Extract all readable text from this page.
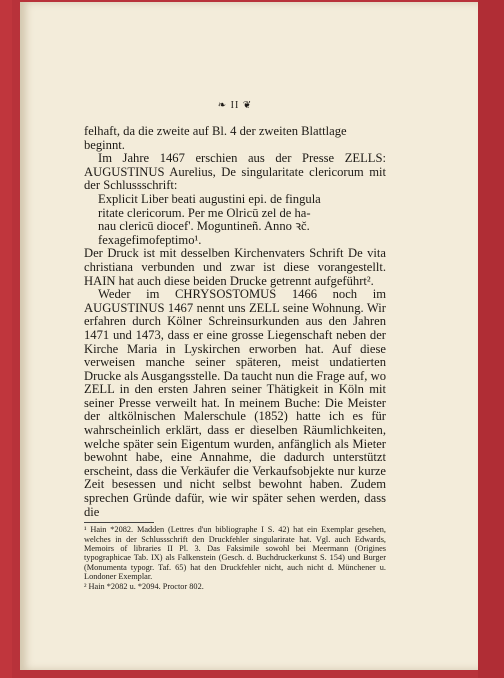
❧ II ❦

felhaft, da die zweite auf Bl. 4 der zweiten Blattlage

beginnt.

Im Jahre 1467 erschien aus der Presse ZELLS: AUGUSTINUS Aurelius, De singularitate clericorum mit der Schlussschrift:

Explicit Liber beati augustini epi. de fingula

ritate clericorum. Per me Olricū zel de ha-

nau clericū diocef'. Moguntineñ. Anno ꝛč.

fexagefimofeptimo¹.

Der Druck ist mit desselben Kirchenvaters Schrift De vita christiana verbunden und zwar ist diese vorangestellt. HAIN hat auch diese beiden Drucke getrennt aufgeführt².

Weder im CHRYSOSTOMUS 1466 noch im AUGUSTINUS 1467 nennt uns ZELL seine Wohnung. Wir erfahren durch Kölner Schreinsurkunden aus den Jahren 1471 und 1473, dass er eine grosse Liegenschaft neben der Kirche Maria in Lyskirchen erworben hat. Auf diese verweisen manche seiner späteren, meist undatierten Drucke als Ausgangsstelle. Da taucht nun die Frage auf, wo ZELL in den ersten Jahren seiner Thätigkeit in Köln mit seiner Presse verweilt hat. In meinem Buche: Die Meister der altkölnischen Malerschule (1852) hatte ich es für wahrscheinlich erklärt, dass er dieselben Räumlichkeiten, welche später sein Eigentum wurden, anfänglich als Mieter bewohnt habe, eine Annahme, die dadurch unterstützt erscheint, dass die Verkäufer die Verkaufsobjekte nur kurze Zeit besessen und nicht selbst bewohnt haben. Zudem sprechen Gründe dafür, wie wir später sehen werden, dass die

¹ Hain *2082. Madden (Lettres d'un bibliographe I S. 42) hat ein Exemplar gesehen, welches in der Schlussschrift den Druckfehler singularirate hat. Vgl. auch Edwards, Memoirs of libraries II Pl. 3. Das Faksimile sowohl bei Meermann (Origines typographicae Tab. IX) als Falkenstein (Gesch. d. Buchdruckerkunst S. 154) und Burger (Monumenta typogr. Taf. 65) hat den Druckfehler nicht, auch nicht d. Münchener u. Londoner Exemplar.

² Hain *2082 u. *2094. Proctor 802.
